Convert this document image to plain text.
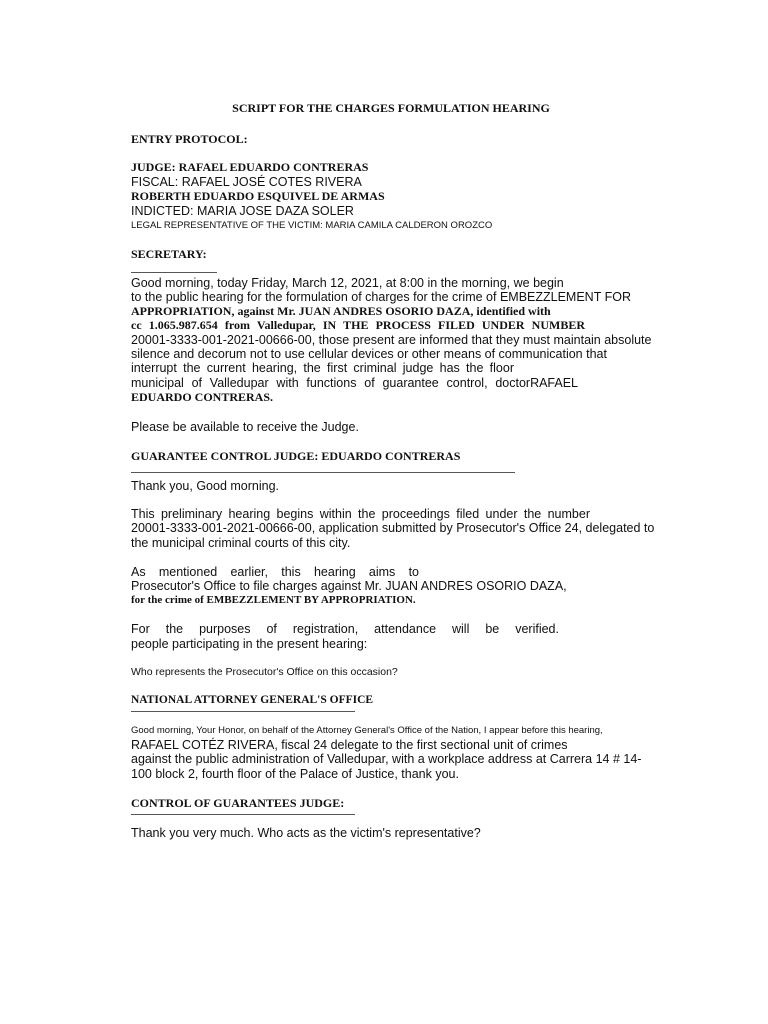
SCRIPT FOR THE CHARGES FORMULATION HEARING
ENTRY PROTOCOL:
JUDGE: RAFAEL EDUARDO CONTRERAS
FISCAL: RAFAEL JOSÉ COTES RIVERA
ROBERTH EDUARDO ESQUIVEL DE ARMAS
INDICTED: MARIA JOSE DAZA SOLER
LEGAL REPRESENTATIVE OF THE VICTIM: MARIA CAMILA CALDERON OROZCO
SECRETARY:
Good morning, today Friday, March 12, 2021, at 8:00 in the morning, we begin
to the public hearing for the formulation of charges for the crime of EMBEZZLEMENT FOR
APPROPRIATION, against Mr. JUAN ANDRES OSORIO DAZA, identified with
cc 1.065.987.654 from Valledupar, IN THE PROCESS FILED UNDER NUMBER
20001-3333-001-2021-00666-00, those present are informed that they must maintain absolute
silence and decorum not to use cellular devices or other means of communication that
interrupt the current hearing, the first criminal judge has the floor
municipal of Valledupar with functions of guarantee control, doctorRAFAEL
EDUARDO CONTRERAS.
Please be available to receive the Judge.
GUARANTEE CONTROL JUDGE: EDUARDO CONTRERAS
Thank you, Good morning.
This preliminary hearing begins within the proceedings filed under the number
20001-3333-001-2021-00666-00, application submitted by Prosecutor's Office 24, delegated to
the municipal criminal courts of this city.
As mentioned earlier, this hearing aims to
Prosecutor's Office to file charges against Mr. JUAN ANDRES OSORIO DAZA,
for the crime of EMBEZZLEMENT BY APPROPRIATION.
For the purposes of registration, attendance will be verified.
people participating in the present hearing:
Who represents the Prosecutor's Office on this occasion?
NATIONAL ATTORNEY GENERAL'S OFFICE
Good morning, Your Honor, on behalf of the Attorney General's Office of the Nation, I appear before this hearing,
RAFAEL COTÉZ RIVERA, fiscal 24 delegate to the first sectional unit of crimes
against the public administration of Valledupar, with a workplace address at Carrera 14 # 14-
100 block 2, fourth floor of the Palace of Justice, thank you.
CONTROL OF GUARANTEES JUDGE:
Thank you very much. Who acts as the victim's representative?
